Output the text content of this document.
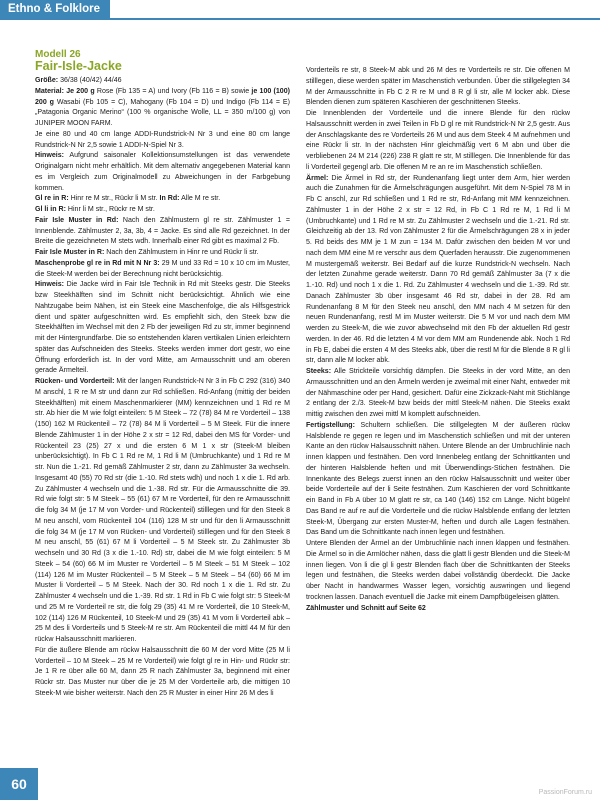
Ethno & Folklore
Modell 26
Fair-Isle-Jacke

Größe: 36/38 (40/42) 44/46

Material: Je 200 g Rose (Fb 135 = A) und Ivory (Fb 116 = B) sowie je 100 (100) 200 g Wasabi (Fb 105 = C), Mahogany (Fb 104 = D) und Indigo (Fb 114 = E) „Patagonia Organic Merino“ (100 % organische Wolle, LL = 350 m/100 g) von JUNIPER MOON FARM.

Je eine 80 und 40 cm lange ADDI-Rundstrick-N Nr 3 und eine 80 cm lange Rundstrick-N Nr 2,5 sowie 1 ADDI-N-Spiel Nr 3.

Hinweis: Aufgrund saisonaler Kollektionsumstellungen ist das verwendete Originalgarn nicht mehr erhältlich. Mit dem alternativ angegebenen Material kann es im Vergleich zum Originalmodell zu Abweichungen in der Farbgebung kommen.

Gl re in R: Hinr re M str., Rückr li M str. In Rd: Alle M re str.

Gl li in R: Hinr li M str., Rückr re M str.

Fair Isle Muster in Rd: Nach den Zählmustern gl re str. Zählmuster 1 = Innenblende. Zählmuster 2, 3a, 3b, 4 = Jacke. Es sind alle Rd gezeichnet. In der Breite die gezeichneten M stets wdh. Innerhalb einer Rd gibt es maximal 2 Fb.

Fair Isle Muster in R: Nach den Zählmustern in Hinr re und Rückr li str.

Maschenprobe gl re in Rd mit N Nr 3: 29 M und 33 Rd = 10 x 10 cm im Muster, die Steek-M werden bei der Berechnung nicht berücksichtig.

Hinweis: Die Jacke wird in Fair Isle Technik in Rd mit Steeks gestr. Die Steeks bzw Steekhälften sind im Schnitt nicht berücksichtigt. Ähnlich wie eine Nahtzugabe beim Nähen, ist ein Steek eine Maschenfolge, die als Hilfsgestrick dient und später aufgeschnitten wird. Es empfiehlt sich, den Steek bzw die Steekhälften im Wechsel mit den 2 Fb der jeweiligen Rd zu str, immer beginnend mit der Hintergrundfarbe. Die so entstehenden klaren vertikalen Linien erleichtern später das Aufschneiden des Steeks. Steeks werden immer dort gestr, wo eine Öffnung erforderlich ist. In der vord Mitte, am Armausschnitt und am oberen gerade Ärmelteil.

Rücken- und Vorderteil: Mit der langen Rundstrick-N Nr 3 in Fb C 292 (316) 340 M anschl, 1 R re M str und dann zur Rd schließen. Rd-Anfang (mittig der beiden Steekhälften) mit einem Maschenmarkierer (MM) kennzeichnen und 1 Rd re M str. Ab hier die M wie folgt einteilen: 5 M Steek – 72 (78) 84 M re Vorderteil – 138 (150) 162 M Rückenteil – 72 (78) 84 M li Vorderteil – 5 M Steek. Für die innere Blende Zählmuster 1 in der Höhe 2 x str = 12 Rd, dabei den MS für Vorder- und Rückenteil 23 (25) 27 x und die ersten 6 M 1 x str (Steek-M bleiben unberücksichtigt). In Fb C 1 Rd re M, 1 Rd li M (Umbruchkante) und 1 Rd re M str. Nun die 1.-21. Rd gemäß Zählmuster 2 str, dann zu Zählmuster 3a wechseln. Insgesamt 40 (55) 70 Rd str (die 1.-10. Rd stets wdh) und noch 1 x die 1. Rd arb. Zu Zählmuster 4 wechseln und die 1.-38. Rd str. Für die Armausschnitte die 39. Rd wie folgt str: 5 M Steek – 55 (61) 67 M re Vorderteil, für den re Armausschnitt die folg 34 M (je 17 M von Vorder- und Rückenteil) stilllegen und für den Steek 8 M neu anschl, vom Rückenteil 104 (116) 128 M str und für den li Armausschnitt die folg 34 M (je 17 M von Rücken- und Vorderteil) stilllegen und für den Steek 8 M neu anschl, 55 (61) 67 M li Vorderteil – 5 M Steek str. Zu Zählmuster 3b wechseln und 30 Rd (3 x die 1.-10. Rd) str, dabei die M wie folgt einteilen: 5 M Steek – 54 (60) 66 M im Muster re Vorderteil – 5 M Steek – 51 M Steek – 102 (114) 126 M im Muster Rückenteil – 5 M Steek – 5 M Steek – 54 (60) 66 M im Muster li Vorderteil – 5 M Steek. Nach der 30. Rd noch 1 x die 1. Rd str. Zu Zählmuster 4 wechseln und die 1.-39. Rd str. 1 Rd in Fb C wie folgt str: 5 Steek-M und 25 M re Vorderteil re str, die folg 29 (35) 41 M re Vorderteil, die 10 Steek-M, 102 (114) 126 M Rückenteil, 10 Steek-M und 29 (35) 41 M vom li Vorderteil abk – 25 M des li Vorderteils und 5 Steek-M re str. Am Rückenteil die mittl 44 M für den rückw Halsausschnitt markieren.

Für die äußere Blende am rückw Halsausschnitt die 60 M der vord Mitte (25 M li Vorderteil – 10 M Steek – 25 M re Vorderteil) wie folgt gl re in Hin- und Rückr str: Je 1 R re über alle 60 M, dann 25 R nach Zählmuster 3a, beginnend mit einer Rückr str. Das Muster nur über die je 25 M der Vorderteile arb, die mittigen 10 Steek-M wie bisher weiterstr. Nach den 25 R Muster in einer Hinr 26 M des li

Vorderteils re str, 8 Steek-M abk und 26 M des re Vorderteils re str. Die offenen M stilllegen, diese werden später im Maschenstich verbunden. Über die stillgelegten 34 M der Armausschnitte in Fb C 2 R re M und 8 R gl li str, alle M locker abk. Diese Blenden dienen zum späteren Kaschieren der geschnittenen Steeks.

Die Innenblenden der Vorderteile und die innere Blende für den rückw Halsausschnitt werden in zwei Teilen in Fb D gl re mit Rundstrick-N Nr 2,5 gestr. Aus der Anschlagskante des re Vorderteils 26 M und aus dem Steek 4 M aufnehmen und eine Rückr li str. In der nächsten Hinr gleichmäßig vert 6 M abn und über die verbliebenen 24 M 214 (226) 238 R glatt re str, M stilllegen. Die Innenblende für das li Vorderteil gegengl arb. Die offenen M re an re im Maschenstich schließen.

Ärmel: Die Ärmel in Rd str, der Rundenanfang liegt unter dem Arm, hier werden auch die Zunahmen für die Ärmelschrägungen ausgeführt. Mit dem N-Spiel 78 M in Fb C anschl, zur Rd schließen und 1 Rd re str, Rd-Anfang mit MM kennzeichnen. Zählmuster 1 in der Höhe 2 x str = 12 Rd, in Fb C 1 Rd re M, 1 Rd li M (Umbruchkante) und 1 Rd re M str. Zu Zählmuster 2 wechseln und die 1.-21. Rd str. Gleichzeitig ab der 13. Rd von Zählmuster 2 für die Ärmelschrägungen 28 x in jeder 5. Rd beids des MM je 1 M zun = 134 M. Dafür zwischen den beiden M vor und nach dem MM eine M re verschr aus dem Querfaden herausstr. Die zugenommenen M mustergemäß weiterstr. Bei Bedarf auf die kurze Rundstrick-N wechseln. Nach der letzten Zunahme gerade weiterstr. Dann 70 Rd gemäß Zählmuster 3a (7 x die 1.-10. Rd) und noch 1 x die 1. Rd. Zu Zählmuster 4 wechseln und die 1.-39. Rd str. Danach Zählmuster 3b über insgesamt 46 Rd str, dabei in der 28. Rd am Rundenanfang 8 M für den Steek neu anschl, den MM nach 4 M setzen für den neuen Rundenanfang, restl M im Muster weiterstr. Die 5 M vor und nach dem MM werden zu Steek-M, die wie zuvor abwechselnd mit den Fb der aktuellen Rd gestr werden. In der 46. Rd die letzten 4 M vor dem MM am Rundenende abk. Noch 1 Rd in Fb E, dabei die ersten 4 M des Steeks abk, über die restl M für die Blende 8 R gl li str, dann alle M locker abk.

Steeks: Alle Strickteile vorsichtig dämpfen. Die Steeks in der vord Mitte, an den Armausschnitten und an den Ärmeln werden je zweimal mit einer Naht, entweder mit der Nähmaschine oder per Hand, gesichert. Dafür eine Zickzack-Naht mit Stichlänge 2 entlang der 2./3. Steek-M bzw beids der mittl Steek-M nähen. Die Steeks exakt mittig zwischen den zwei mittl M komplett aufschneiden.

Fertigstellung: Schultern schließen. Die stillgelegten M der äußeren rückw Halsblende re gegen re legen und im Maschenstich schließen und mit der unteren Kante an den rückw Halsausschnitt nähen. Untere Blende an der Umbruchlinie nach innen klappen und festnähen. Den vord Innenbeleg entlang der Schnittkanten und der hinteren Halsblende heften und mit Überwendlings-Stichen festnähen. Die Innenkante des Belegs zuerst innen an den rückw Halsausschnitt und weiter über beide Vorderteile auf der li Seite festnähen. Zum Kaschieren der vord Schnittkante ein Band in Fb A über 10 M glatt re str, ca 140 (146) 152 cm Länge. Nicht bügeln! Das Band re auf re auf die Vorderteile und die rückw Halsblende entlang der letzten Steek-M, Übergang zur ersten Muster-M, heften und durch alle Lagen festnähen. Das Band um die Schnittkante nach innen legen und festnähen.

Untere Blenden der Ärmel an der Umbruchlinie nach innen klappen und festnähen. Die Ärmel so in die Armlöcher nähen, dass die glatt li gestr Blenden und die Steek-M innen liegen. Von li die gl li gestr Blenden flach über die Schnittkanten der Steeks legen und festnähen, die Steeks werden dabei vollständig überdeckt. Die Jacke über Nacht in handwarmes Wasser legen, vorsichtig auswringen und liegend trocknen lassen. Danach eventuell die Jacke mit einem Dampfbügeleisen glätten.

Zählmuster und Schnitt auf Seite 62

60
PassionForum.ru
